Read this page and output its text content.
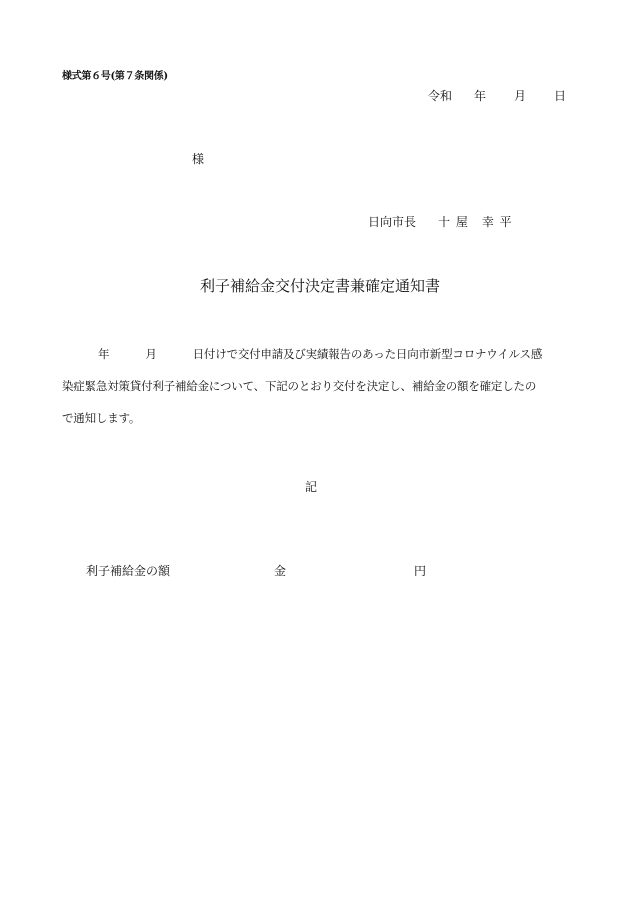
様式第６号(第７条関係)
令和 年 月 日
様
日向市長 十 屋　幸 平
利子補給金交付決定書兼確定通知書
年	月	日付けで交付申請及び実績報告のあった日向市新型コロナウイルス感
染症緊急対策貸付利子補給金について、下記のとおり交付を決定し、補給金の額を確定したの
で通知します。
記
利子補給金の額	金	円
